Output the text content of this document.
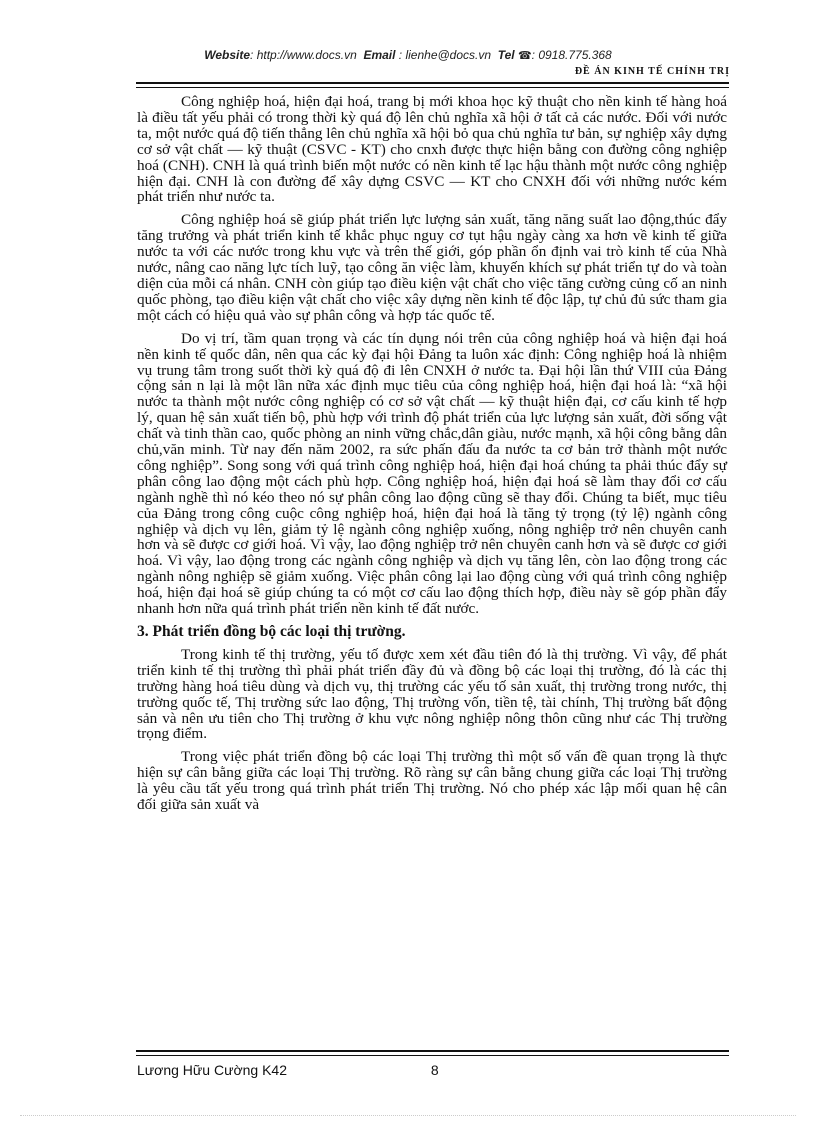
Website: http://www.docs.vn Email : lienhe@docs.vn Tel ☎: 0918.775.368
ĐỀ ÁN KINH TẾ CHÍNH TRỊ

Công nghiệp hoá, hiện đại hoá, trang bị mới khoa học kỹ thuật cho nền kinh tế hàng hoá là điều tất yếu phải có trong thời kỳ quá độ lên chủ nghĩa xã hội ở tất cả các nước. Đối với nước ta, một nước quá độ tiến thẳng lên chủ nghĩa xã hội bỏ qua chủ nghĩa tư bản, sự nghiệp xây dựng cơ sở vật chất — kỹ thuật (CSVC - KT) cho cnxh được thực hiện bằng con đường công nghiệp hoá (CNH). CNH là quá trình biến một nước có nền kinh tế lạc hậu thành một nước công nghiệp hiện đại. CNH là con đường để xây dựng CSVC — KT cho CNXH đối với những nước kém phát triển như nước ta.

Công nghiệp hoá sẽ giúp phát triển lực lượng sản xuất, tăng năng suất lao động,thúc đẩy tăng trưởng và phát triển kinh tế khắc phục nguy cơ tụt hậu ngày càng xa hơn về kinh tế giữa nước ta với các nước trong khu vực và trên thế giới, góp phần ổn định vai trò kinh tế của Nhà nước, nâng cao năng lực tích luỹ, tạo công ăn việc làm, khuyến khích sự phát triển tự do và toàn diện của mỗi cá nhân. CNH còn giúp tạo điều kiện vật chất cho việc tăng cường củng cố an ninh quốc phòng, tạo điều kiện vật chất cho việc xây dựng nền kinh tế độc lập, tự chủ đủ sức tham gia một cách có hiệu quả vào sự phân công và hợp tác quốc tế.

Do vị trí, tầm quan trọng và các tín dụng nói trên của công nghiệp hoá và hiện đại hoá nền kinh tế quốc dân, nên qua các kỳ đại hội Đảng ta luôn xác định: Công nghiệp hoá là nhiệm vụ trung tâm trong suốt thời kỳ quá độ đi lên CNXH ở nước ta. Đại hội lần thứ VIII của Đảng cộng sản n lại là một lần nữa xác định mục tiêu của công nghiệp hoá, hiện đại hoá là: “xã hội nước ta thành một nước công nghiệp có cơ sở vật chất — kỹ thuật hiện đại, cơ cấu kinh tế hợp lý, quan hệ sản xuất tiến bộ, phù hợp với trình độ phát triển của lực lượng sản xuất, đời sống vật chất và tinh thần cao, quốc phòng an ninh vững chắc,dân giàu, nước mạnh, xã hội công bằng dân chủ,văn minh. Từ nay đến năm 2002, ra sức phấn đấu đa nước ta cơ bản trở thành một nước công nghiệp”. Song song với quá trình công nghiệp hoá, hiện đại hoá chúng ta phải thúc đẩy sự phân công lao động một cách phù hợp. Công nghiệp hoá, hiện đại hoá sẽ làm thay đổi cơ cấu ngành nghề thì nó kéo theo nó sự phân công lao động cũng sẽ thay đổi. Chúng ta biết, mục tiêu của Đảng trong công cuộc công nghiệp hoá, hiện đại hoá là tăng tỷ trọng (tỷ lệ) ngành công nghiệp và dịch vụ lên, giảm tỷ lệ ngành công nghiệp xuống, nông nghiệp trở nên chuyên canh hơn và sẽ được cơ giới hoá. Vì vậy, lao động nghiệp trở nên chuyên canh hơn và sẽ được cơ giới hoá. Vì vậy, lao động trong các ngành công nghiệp và dịch vụ tăng lên, còn lao động trong các ngành nông nghiệp sẽ giảm xuống. Việc phân công lại lao động cùng với quá trình công nghiệp hoá, hiện đại hoá sẽ giúp chúng ta có một cơ cấu lao động thích hợp, điều này sẽ góp phần đẩy nhanh hơn nữa quá trình phát triển nền kinh tế đất nước.

3. Phát triển đồng bộ các loại thị trường.

Trong kinh tế thị trường, yếu tố được xem xét đầu tiên đó là thị trường. Vì vậy, để phát triển kinh tế thị trường thì phải phát triển đầy đủ và đồng bộ các loại thị trường, đó là các thị trường hàng hoá tiêu dùng và dịch vụ, thị trường các yếu tố sản xuất, thị trường trong nước, thị trường quốc tế, Thị trường sức lao động, Thị trường vốn, tiền tệ, tài chính, Thị trường bất động sản và nên ưu tiên cho Thị trường ở khu vực nông nghiệp nông thôn cũng như các Thị trường trọng điểm.

Trong việc phát triển đồng bộ các loại Thị trường thì một số vấn đề quan trọng là thực hiện sự cân bằng giữa các loại Thị trường. Rõ ràng sự cân bằng chung giữa các loại Thị trường là yêu cầu tất yếu trong quá trình phát triển Thị trường. Nó cho phép xác lập mối quan hệ cân đối giữa sản xuất và

Lương Hữu Cường K42	8
